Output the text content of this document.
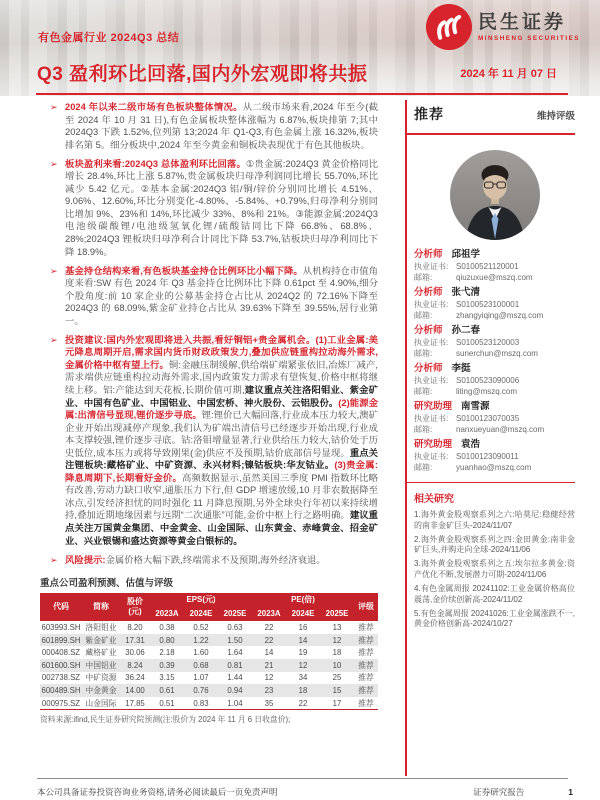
民生证券
MINSHENG SECURITIES
有色金属行业 2024Q3 总结
Q3 盈利环比回落,国内外宏观即将共振	2024 年 11 月 07 日
➢ 2024 年以来二级市场有色板块整体情况。从二级市场来看,2024 年至今(截至 2024 年 10 月 31 日),有色金属板块整体涨幅为 6.87%,板块排第 7;其中 2024Q3 下跌 1.52%,位列第 13;2024 年 Q1-Q3,有色金属上涨 16.32%,板块排名第 5。细分板块中,2024 年至今黄金和铜板块表现优于有色其他板块。
➢ 板块盈利来看:2024Q3 总体盈利环比回落。①贵金属:2024Q3 黄金价格同比增长 28.4%,环比上涨 5.87%,贵金属板块归母净利润同比增长 55.70%,环比减少 5.42 亿元。②基本金属:2024Q3 铝/铜/锌价分别同比增长 4.51%、9.06%、12.60%,环比分别变化-4.80%、-5.84%、+0.79%,归母净利分别同比增加 9%、23%和 14%,环比减少 33%、8%和 21%。③能源金属:2024Q3 电池级碳酸锂/电池级氢氧化锂/硫酸钴同比下降 66.8%、68.8%、28%;2024Q3 锂板块归母净利合计同比下降 53.7%,钴板块归母净利同比下降 18.9%。
➢ 基金持仓结构来看,有色板块基金持仓比例环比小幅下降。从机构持仓市值角度来看:SW 有色 2024 年 Q3 基金持仓比例环比下降 0.61pct 至 4.90%,细分个股角度:前 10 家企业的公募基金持仓占比从 2024Q2 的 72.16%下降至 2024Q3 的 68.09%,紫金矿业持仓占比从 39.63%下降至 39.55%,居行业第一。
➢ 投资建议:国内外宏观即将进入共振,看好铜铝+贵金属机会。(1)工业金属:美元降息周期开启,需求国内货币财政政策发力,叠加供应链重构拉动海外需求,金属价格中枢有望上行。铜:金融压制缓解,供给端矿端紧张依旧,冶炼厂减产,需求端供应链重构拉动海外需求,国内政策发力需求有望恢复,价格中枢将继续上移。铝:产能达到天花板,长期价值可期,建议重点关注洛阳钼业、紫金矿业、中国有色矿业、中国铝业、中国宏桥、神火股份、云铝股份。(2)能源金属:出清信号显现,锂价逐步寻底。锂:锂价已大幅回落,行业成本压力较大,澳矿企业开始出现减停产现象,我们认为矿端出清信号已经逐步开始出现,行业成本支撑较强,锂价逐步寻底。钴:洛钼增量显著,行业供给压力较大,钴价处于历史低位,成本压力或将导致刚果(金)供应不及预期,钴价底部信号显现。重点关注锂板块:藏格矿业、中矿资源、永兴材料;镍钴板块:华友钴业。(3)贵金属:降息周期下,长期看好金价。高频数据显示,虽然美国三季度 PMI 指数环比略有改善,劳动力缺口收窄,通胀压力下行,但 GDP 增速放缓,10 月非农数据降至冰点,引发经济担忧的同时强化 11 月降息预期,另外全球央行年初以来持续增持,叠加近期地缘因素与远期“二次通胀”可能,金价中枢上行之路明确。建议重点关注万国黄金集团、中金黄金、山金国际、山东黄金、赤峰黄金、招金矿业、兴业银锡和盛达资源等黄金白银标的。
➢ 风险提示:金属价格大幅下跌,终端需求不及预期,海外经济衰退。
重点公司盈利预测、估值与评级
代码	简称	股价
(元)	EPS(元)			PE(倍)			评级
			2023A	2024E	2025E	2023A	2024E	2025E	
603993.SH	洛阳钼业	8.20	0.38	0.52	0.63	22	16	13	推荐
601899.SH	紫金矿业	17.31	0.80	1.22	1.50	22	14	12	推荐
000408.SZ	藏格矿业	30.06	2.18	1.60	1.64	14	19	18	推荐
601600.SH	中国铝业	8.24	0.39	0.68	0.81	21	12	10	推荐
002738.SZ	中矿资源	36.24	3.15	1.07	1.44	12	34	25	推荐
600489.SH	中金黄金	14.00	0.61	0.76	0.94	23	18	15	推荐
000975.SZ	山金国际	17.85	0.51	0.83	1.04	35	22	17	推荐
资料来源:ifind,民生证券研究院预测(注:股价为 2024 年 11 月 6 日收盘价);
推荐	维持评级
分析师 邱祖学
执业证书: S0100521120001
邮箱:	qiuzuxue@mszq.com
分析师 张弋清
执业证书: S0100523100001
邮箱:	zhangyiqing@mszq.com
分析师 孙二春
执业证书: S0100523120003
邮箱:	sunerchun@mszq.com
分析师 李挺
执业证书: S0100523090006
邮箱:	liting@mszq.com
研究助理 南雪源
执业证书: S0100123070035
邮箱:	nanxueyuan@mszq.com
研究助理 袁浩
执业证书: S0100123090011
邮箱:	yuanhao@mszq.com
相关研究
1.海外黄金股观察系列之六:哈莫尼:稳健经营的南非金矿巨头-2024/11/07
2.海外黄金股观察系列之四:金田黄金:南非金矿巨头,并购走向全球-2024/11/06
3.海外黄金股观察系列之五:埃尔拉多黄金:资产优化不断,发展潜力可期-2024/11/06
4.有色金属周报 20241102:工业金属价格高位震荡,金价续创新高-2024/11/02
5.有色金属周报 20241026:工业金属涨跌不一,黄金价格创新高-2024/10/27
本公司具备证券投资咨询业务资格,请务必阅读最后一页免责声明	证券研究报告	1
